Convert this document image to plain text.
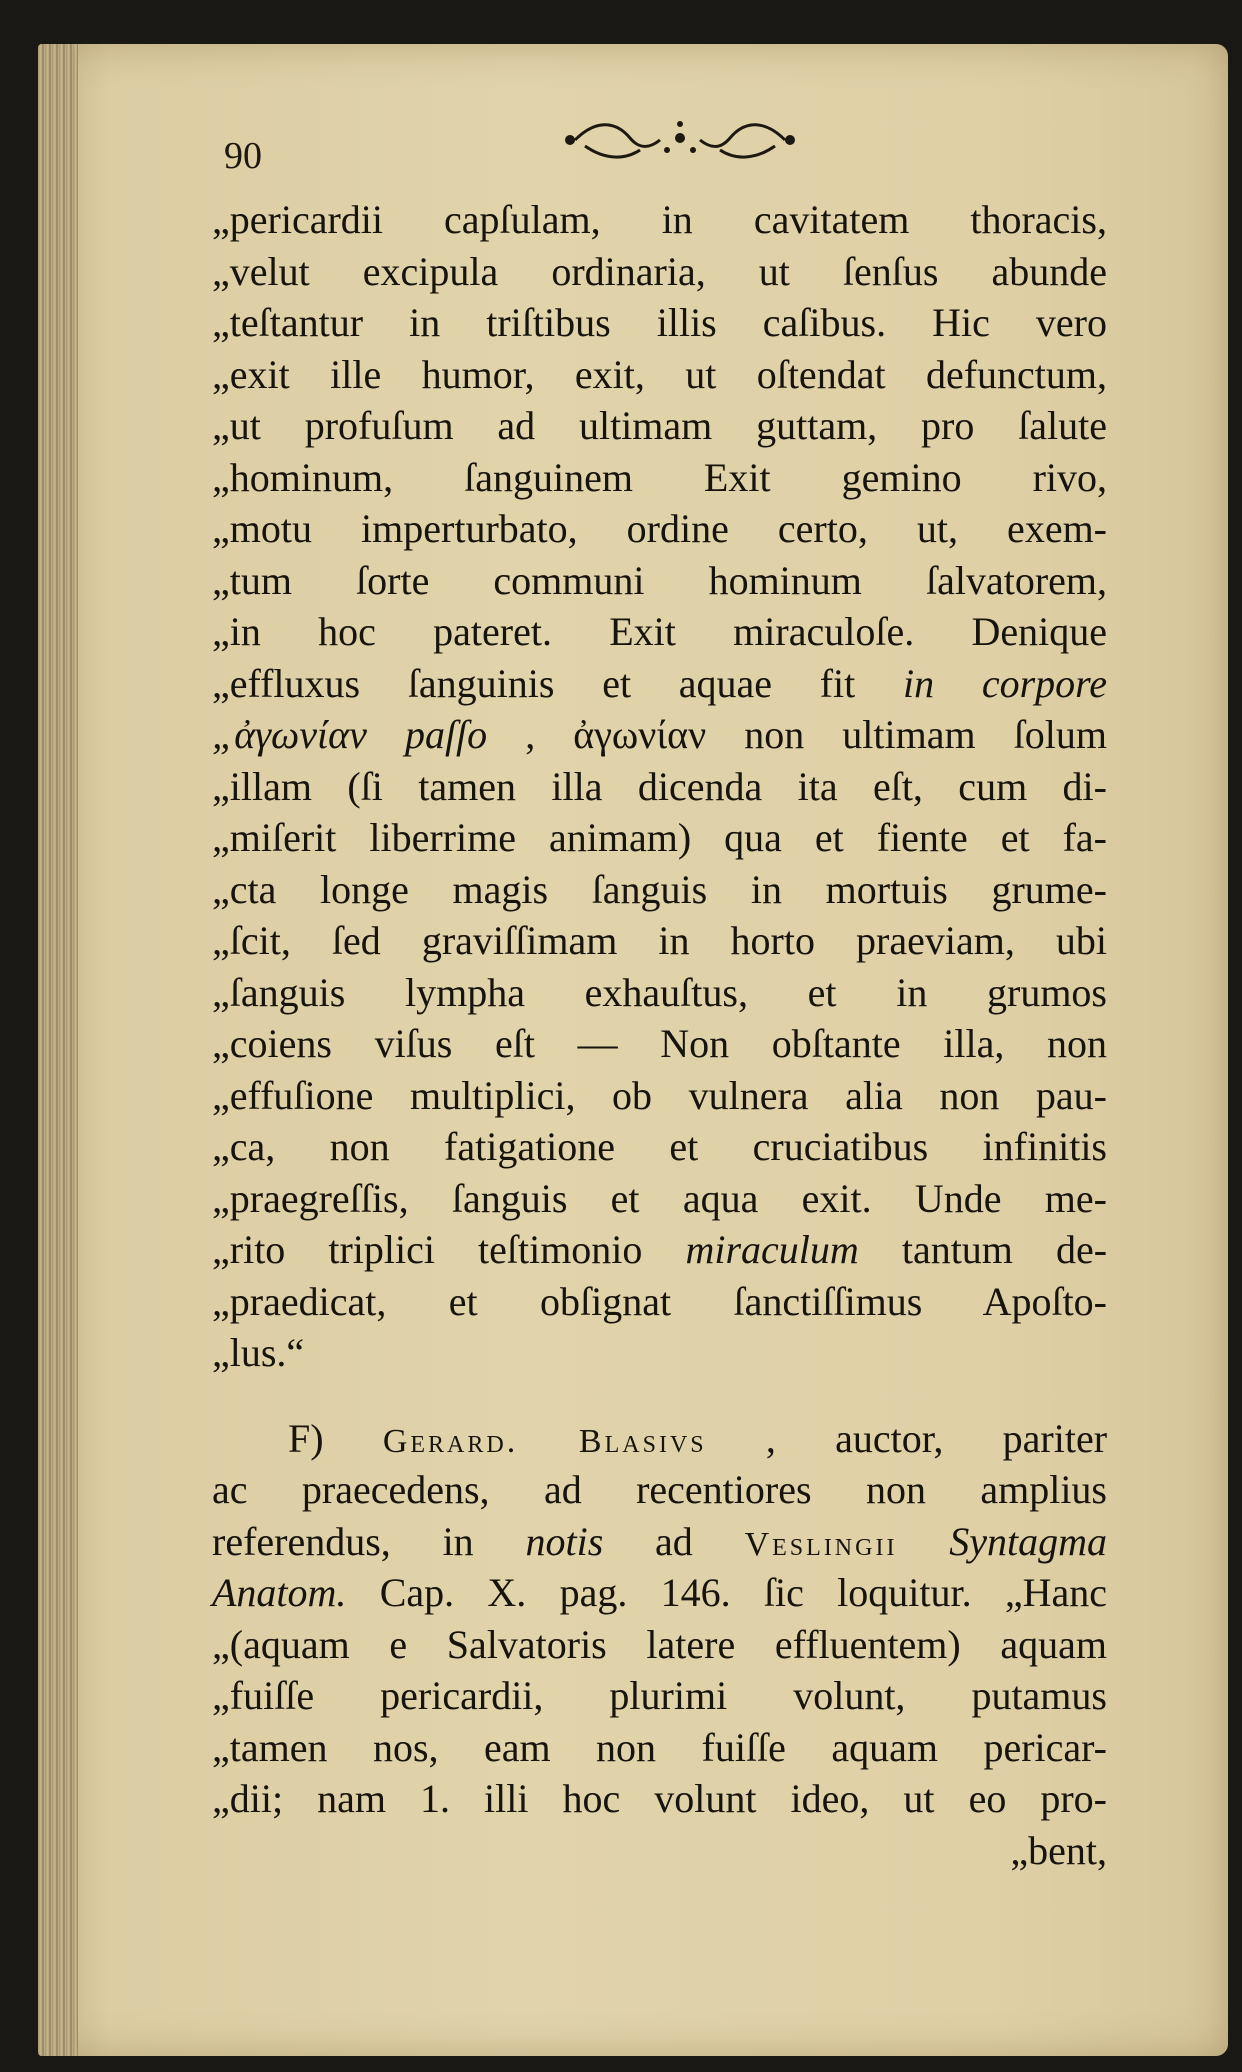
90
„pericardii capſulam, in cavitatem thoracis,
„velut excipula ordinaria, ut ſenſus abunde
„teſtantur in triſtibus illis caſibus. Hic vero
„exit ille humor, exit, ut oſtendat defunctum,
„ut profuſum ad ultimam guttam, pro ſalute
„hominum, ſanguinem Exit gemino rivo,
„motu imperturbato, ordine certo, ut, exem-
„tum ſorte communi hominum ſalvatorem,
„in hoc pateret. Exit miraculoſe. Denique
„effluxus ſanguinis et aquae fit in corpore
„ἀγωνίαν paſſo , ἀγωνίαν non ultimam ſolum
„illam (ſi tamen illa dicenda ita eſt, cum di-
„miſerit liberrime animam) qua et fiente et fa-
„cta longe magis ſanguis in mortuis grume-
„ſcit, ſed graviſſimam in horto praeviam, ubi
„ſanguis lympha exhauſtus, et in grumos
„coiens viſus eſt — Non obſtante illa, non
„effuſione multiplici, ob vulnera alia non pau-
„ca, non fatigatione et cruciatibus infinitis
„praegreſſis, ſanguis et aqua exit. Unde me-
„rito triplici teſtimonio miraculum tantum de-
„praedicat, et obſignat ſanctiſſimus Apoſto-
„lus.“
F) Gerard. Blasivs , auctor, pariter
ac praecedens, ad recentiores non amplius
referendus, in notis ad Veslingii Syntagma
Anatom. Cap. X. pag. 146. ſic loquitur. „Hanc
„(aquam e Salvatoris latere effluentem) aquam
„fuiſſe pericardii, plurimi volunt, putamus
„tamen nos, eam non fuiſſe aquam pericar-
„dii; nam 1. illi hoc volunt ideo, ut eo pro-
„bent,
